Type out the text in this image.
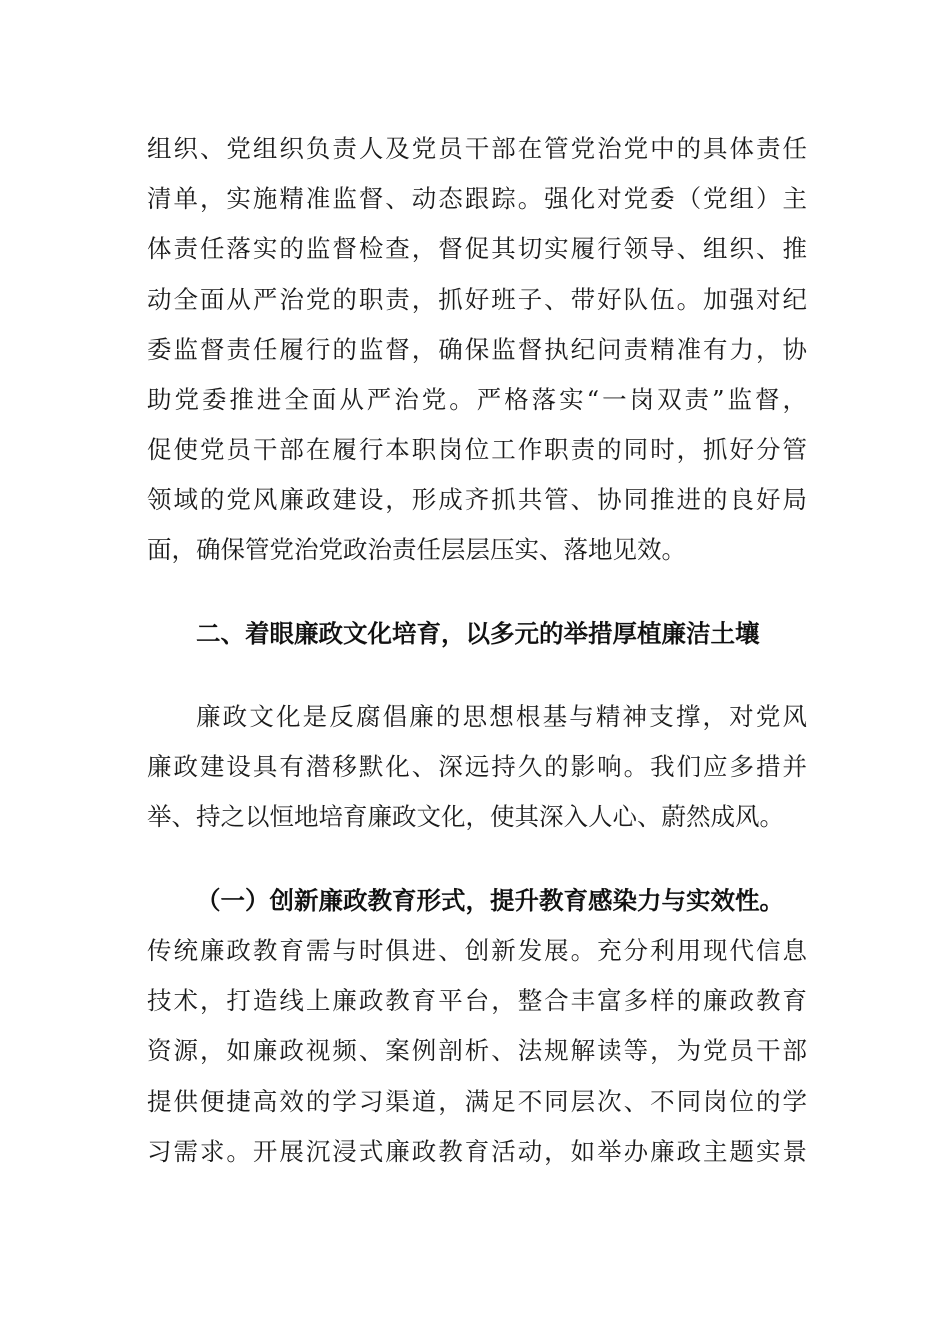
组织、党组织负责人及党员干部在管党治党中的具体责任
清单，实施精准监督、动态跟踪。强化对党委（党组）主
体责任落实的监督检查，督促其切实履行领导、组织、推
动全面从严治党的职责，抓好班子、带好队伍。加强对纪
委监督责任履行的监督，确保监督执纪问责精准有力，协
助党委推进全面从严治党。严格落实“一岗双责”监督，
促使党员干部在履行本职岗位工作职责的同时，抓好分管
领域的党风廉政建设，形成齐抓共管、协同推进的良好局
面，确保管党治党政治责任层层压实、落地见效。
二、着眼廉政文化培育，以多元的举措厚植廉洁土壤
廉政文化是反腐倡廉的思想根基与精神支撑，对党风
廉政建设具有潜移默化、深远持久的影响。我们应多措并
举、持之以恒地培育廉政文化，使其深入人心、蔚然成风。
（一）创新廉政教育形式，提升教育感染力与实效性。
传统廉政教育需与时俱进、创新发展。充分利用现代信息
技术，打造线上廉政教育平台，整合丰富多样的廉政教育
资源，如廉政视频、案例剖析、法规解读等，为党员干部
提供便捷高效的学习渠道，满足不同层次、不同岗位的学
习需求。开展沉浸式廉政教育活动，如举办廉政主题实景
